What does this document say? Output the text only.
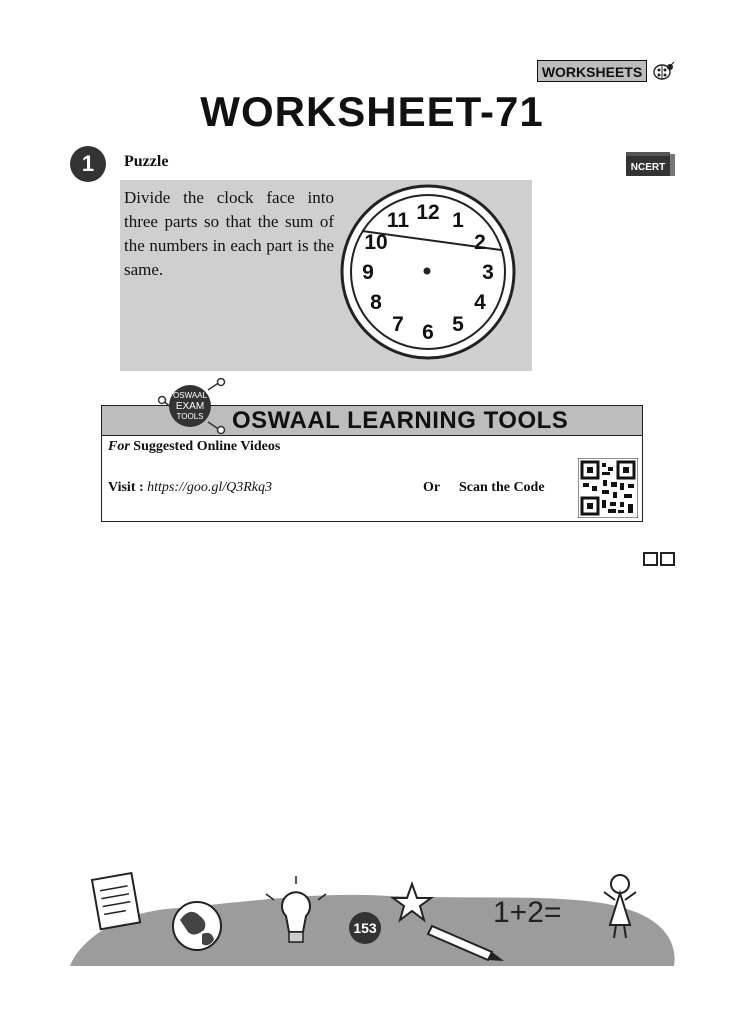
WORKSHEETS
WORKSHEET-71
1	Puzzle	NCERT
Divide the clock face into three parts so that the sum of the numbers in each part is the same.
12 1
2
3
4
5
6
7
8
9
10
11
OSWAAL LEARNING TOOLS
OSWAAL
EXAM
TOOLS
For Suggested Online Videos
Visit : https://goo.gl/Q3Rkq3	Or Scan the Code
153	1+2=
